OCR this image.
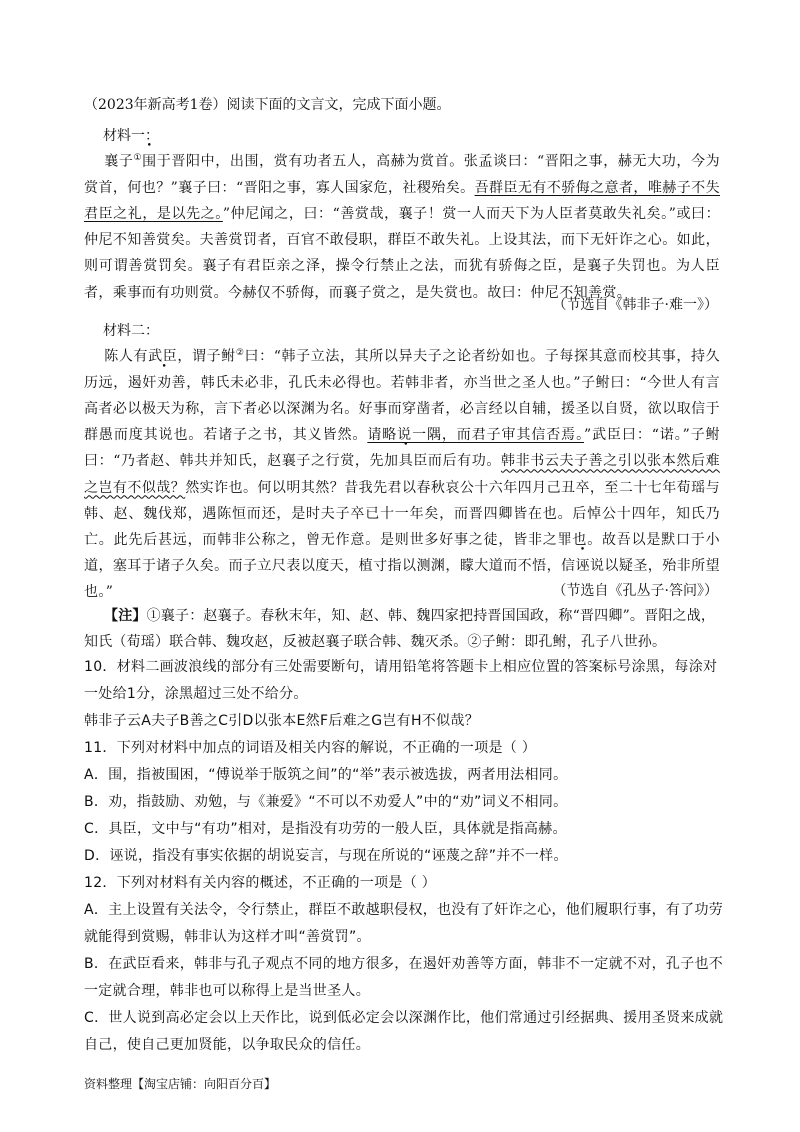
（2023年新高考1卷）阅读下面的文言文，完成下面小题。
材料一：
襄子①围于晋阳中，出围，赏有功者五人，高赫为赏首。张孟谈曰：“晋阳之事，赫无大功，今为赏首，何也？”襄子曰：“晋阳之事，寡人国家危，社稷殆矣。吾群臣无有不骄侮之意者，唯赫子不失君臣之礼，是以先之。”仲尼闻之，曰：“善赏哉，襄子！赏一人而天下为人臣者莫敢失礼矣。”或曰：仲尼不知善赏矣。夫善赏罚者，百官不敢侵职，群臣不敢失礼。上设其法，而下无奸诈之心。如此，则可谓善赏罚矣。襄子有君臣亲之泽，操令行禁止之法，而犹有骄侮之臣，是襄子失罚也。为人臣者，乘事而有功则赏。今赫仅不骄侮，而襄子赏之，是失赏也。故曰：仲尼不知善赏。
（节选自《韩非子·难一》）
材料二：
陈人有武臣，谓子鲋②曰：“韩子立法，其所以异夫子之论者纷如也。子每探其意而校其事，持久历远，遏奸劝善，韩氏未必非，孔氏未必得也。若韩非者，亦当世之圣人也。”子鲋曰：“今世人有言高者必以极天为称，言下者必以深渊为名。好事而穿凿者，必言经以自辅，援圣以自贤，欲以取信于群愚而度其说也。若诸子之书，其义皆然。请略说一隅，而君子审其信否焉。”武臣曰：“诺。”子鲋曰：“乃者赵、韩共并知氏，赵襄子之行赏，先加具臣而后有功。韩非书云夫子善之引以张本然后难之岂有不似哉？然实诈也。何以明其然？昔我先君以春秋哀公十六年四月己丑卒，至二十七年荀瑶与韩、赵、魏伐郑，遇陈恒而还，是时夫子卒已十一年矣，而晋四卿皆在也。后悼公十四年，知氏乃亡。此先后甚远，而韩非公称之，曾无作意。是则世多好事之徒，皆非之罪也。故吾以是默口于小道，塞耳于诸子久矣。而子立尺表以度天，植寸指以测渊，矇大道而不悟，信诬说以疑圣，殆非所望也。”	（节选自《孔丛子·答问》）
【注】①襄子：赵襄子。春秋末年，知、赵、韩、魏四家把持晋国国政，称“晋四卿”。晋阳之战，知氏（荀瑶）联合韩、魏攻赵，反被赵襄子联合韩、魏灭杀。②子鲋：即孔鲋，孔子八世孙。
10．材料二画波浪线的部分有三处需要断句，请用铅笔将答题卡上相应位置的答案标号涂黑，每涂对一处给1分，涂黑超过三处不给分。
韩非子云A夫子B善之C引D以张本E然F后难之G岂有H不似哉？
11．下列对材料中加点的词语及相关内容的解说，不正确的一项是（ ）
A．围，指被围困，“傅说举于版筑之间”的“举”表示被选拔，两者用法相同。
B．劝，指鼓励、劝勉，与《兼爱》“不可以不劝爱人”中的“劝”词义不相同。
C．具臣，文中与“有功”相对，是指没有功劳的一般人臣，具体就是指高赫。
D．诬说，指没有事实依据的胡说妄言，与现在所说的“诬蔑之辞”并不一样。
12．下列对材料有关内容的概述，不正确的一项是（ ）
A．主上设置有关法令，令行禁止，群臣不敢越职侵权，也没有了奸诈之心，他们履职行事，有了功劳就能得到赏赐，韩非认为这样才叫“善赏罚”。
B．在武臣看来，韩非与孔子观点不同的地方很多，在遏奸劝善等方面，韩非不一定就不对，孔子也不一定就合理，韩非也可以称得上是当世圣人。
C．世人说到高必定会以上天作比，说到低必定会以深渊作比，他们常通过引经据典、援用圣贤来成就自己，使自己更加贤能，以争取民众的信任。
资料整理【淘宝店铺：向阳百分百】
